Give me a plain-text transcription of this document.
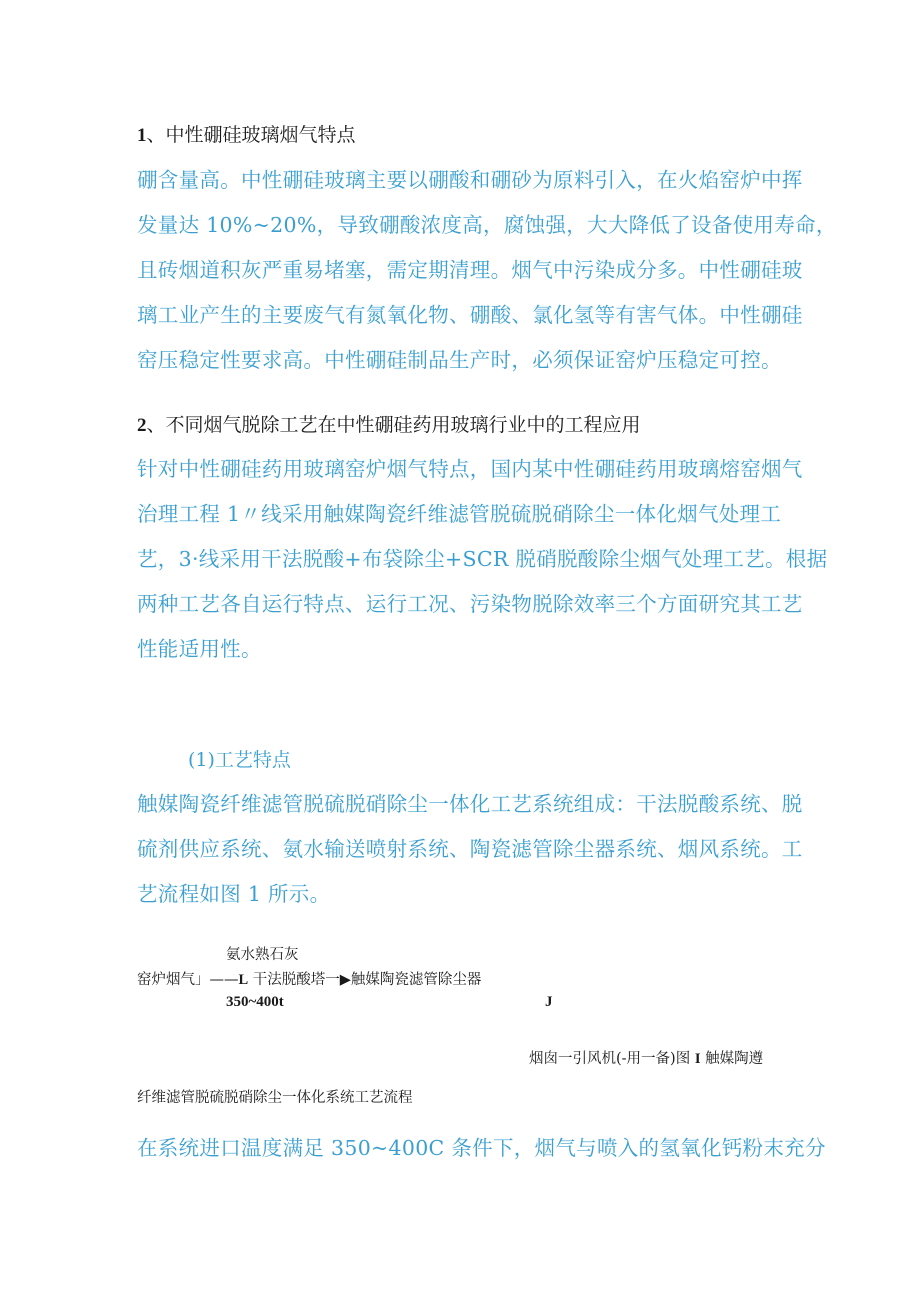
1、中性硼硅玻璃烟气特点

硼含量高。中性硼硅玻璃主要以硼酸和硼砂为原料引入，在火焰窑炉中挥
发量达 10%~20%，导致硼酸浓度高，腐蚀强，大大降低了设备使用寿命，
且砖烟道积灰严重易堵塞，需定期清理。烟气中污染成分多。中性硼硅玻
璃工业产生的主要废气有氮氧化物、硼酸、氯化氢等有害气体。中性硼硅
窑压稳定性要求高。中性硼硅制品生产时，必须保证窑炉压稳定可控。

2、不同烟气脱除工艺在中性硼硅药用玻璃行业中的工程应用

针对中性硼硅药用玻璃窑炉烟气特点，国内某中性硼硅药用玻璃熔窑烟气
治理工程 1〃线采用触媒陶瓷纤维滤管脱硫脱硝除尘一体化烟气处理工
艺，3·线采用干法脱酸+布袋除尘+SCR 脱硝脱酸除尘烟气处理工艺。根据
两种工艺各自运行特点、运行工况、污染物脱除效率三个方面研究其工艺
性能适用性。

(1)工艺特点

触媒陶瓷纤维滤管脱硫脱硝除尘一体化工艺系统组成：干法脱酸系统、脱
硫剂供应系统、氨水输送喷射系统、陶瓷滤管除尘器系统、烟风系统。工
艺流程如图 1 所示。

氨水熟石灰
窑炉烟气」——L 干法脱酸塔一▶触媒陶瓷滤管除尘器
350~400t	J
烟囱一引风机(-用一备)图 I 触媒陶遵
纤维滤管脱硫脱硝除尘一体化系统工艺流程

在系统进口温度满足 350~400C 条件下，烟气与喷入的氢氧化钙粉末充分
